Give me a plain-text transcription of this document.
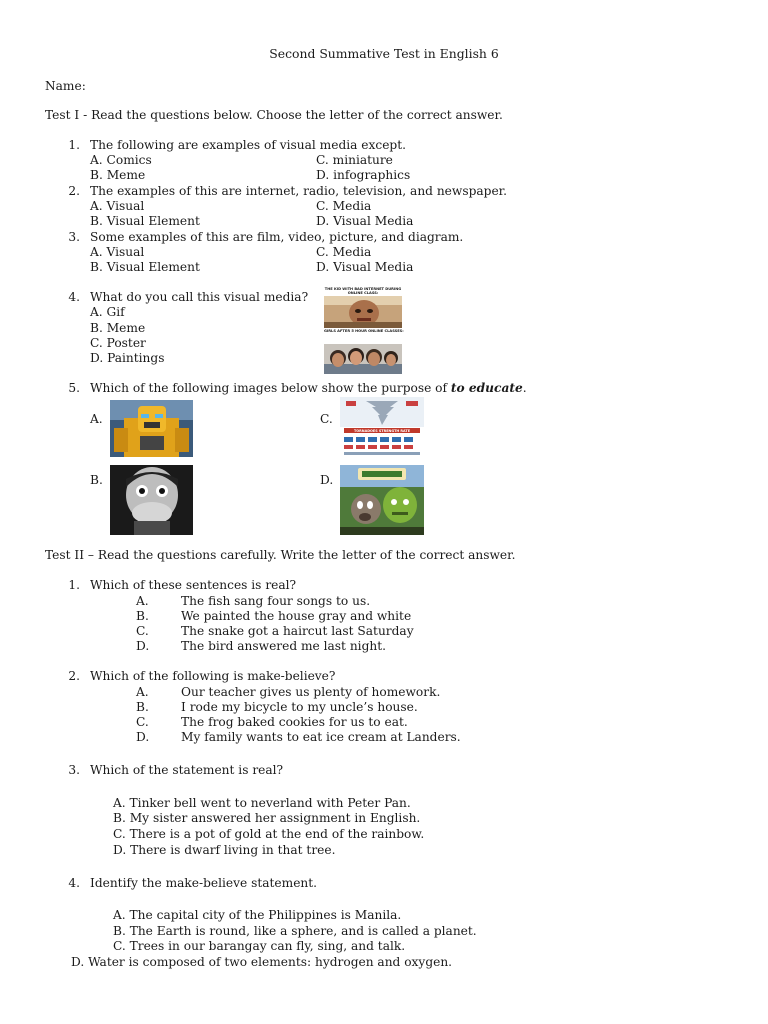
Second Summative Test in English 6
Name:
Test I - Read the questions below. Choose the letter of the correct answer.
1. The following are examples of visual media except.
A. Comics	C. miniature
B. Meme	D. infographics
2. The examples of this are internet, radio, television, and newspaper.
A. Visual	C. Media
B. Visual Element	D. Visual Media
3. Some examples of this are film, video, picture, and diagram.
A. Visual	C. Media
B. Visual Element	D. Visual Media
4. What do you call this visual media?
A. Gif
B. Meme
C. Poster
D. Paintings
THE KID WITH BAD INTERNET DURING ONLINE CLASS:
GIRLS AFTER 5 HOUR ONLINE CLASSES:
5. Which of the following images below show the purpose of to educate.
A.	C.
B.	D.
TORNADOES STRENGTH RATE
Test II – Read the questions carefully. Write the letter of the correct answer.
1. Which of these sentences is real?
A.	The fish sang four songs to us.
B.	We painted the house gray and white
C.	The snake got a haircut last Saturday
D.	The bird answered me last night.
2. Which of the following is make-believe?
A.	Our teacher gives us plenty of homework.
B.	I rode my bicycle to my uncle’s house.
C.	The frog baked cookies for us to eat.
D.	My family wants to eat ice cream at Landers.
3. Which of the statement is real?
A. Tinker bell went to neverland with Peter Pan.
B. My sister answered her assignment in English.
C. There is a pot of gold at the end of the rainbow.
D. There is dwarf living in that tree.
4. Identify the make-believe statement.
A. The capital city of the Philippines is Manila.
B. The Earth is round, like a sphere, and is called a planet.
C. Trees in our barangay can fly, sing, and talk.
D. Water is composed of two elements: hydrogen and oxygen.
